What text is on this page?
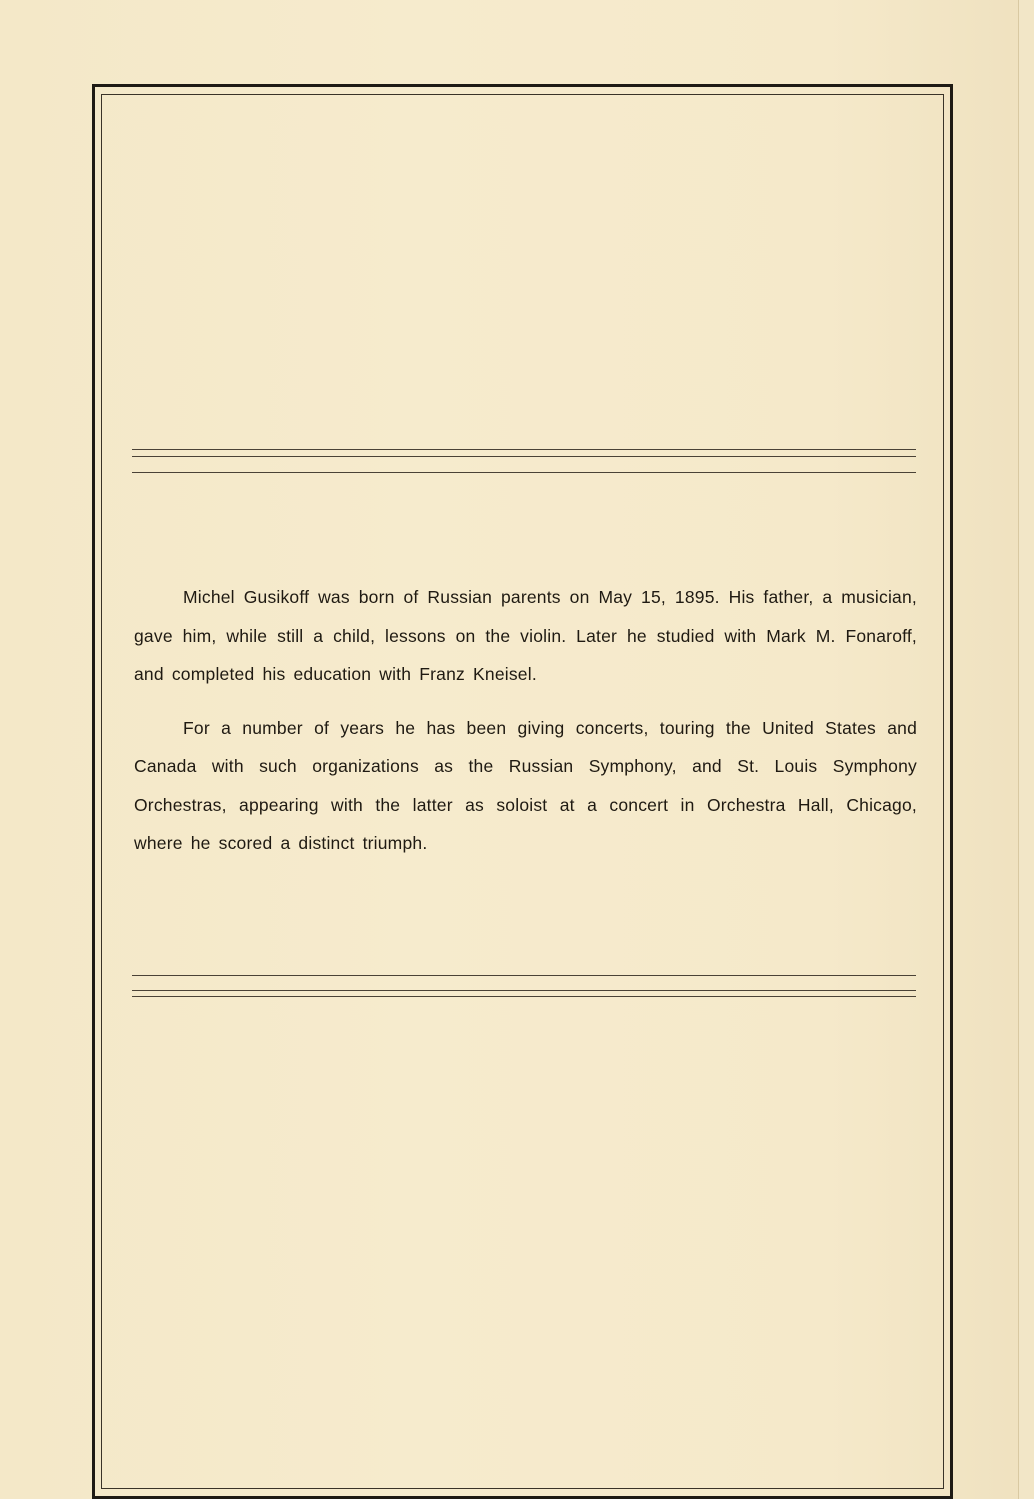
Michel Gusikoff was born of Russian parents on May 15, 1895. His father, a musician, gave him, while still a child, lessons on the violin. Later he studied with Mark M. Fonaroff, and completed his education with Franz Kneisel.

For a number of years he has been giving concerts, touring the United States and Canada with such organizations as the Russian Symphony, and St. Louis Symphony Orchestras, appearing with the latter as soloist at a concert in Orchestra Hall, Chicago, where he scored a distinct triumph.
